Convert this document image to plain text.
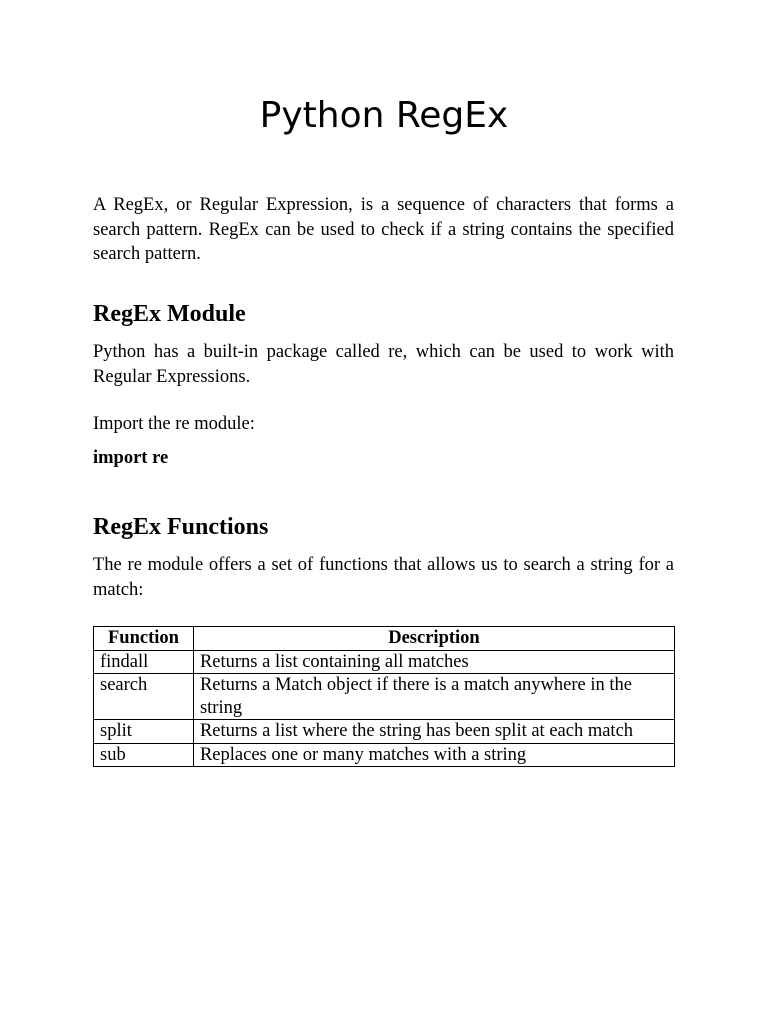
Python RegEx

A RegEx, or Regular Expression, is a sequence of characters that forms a search pattern. RegEx can be used to check if a string contains the specified search pattern.

RegEx Module

Python has a built-in package called re, which can be used to work with Regular Expressions.

Import the re module:

import re

RegEx Functions

The re module offers a set of functions that allows us to search a string for a match:

Function	Description
findall	Returns a list containing all matches
search	Returns a Match object if there is a match anywhere in the string
split	Returns a list where the string has been split at each match
sub	Replaces one or many matches with a string
